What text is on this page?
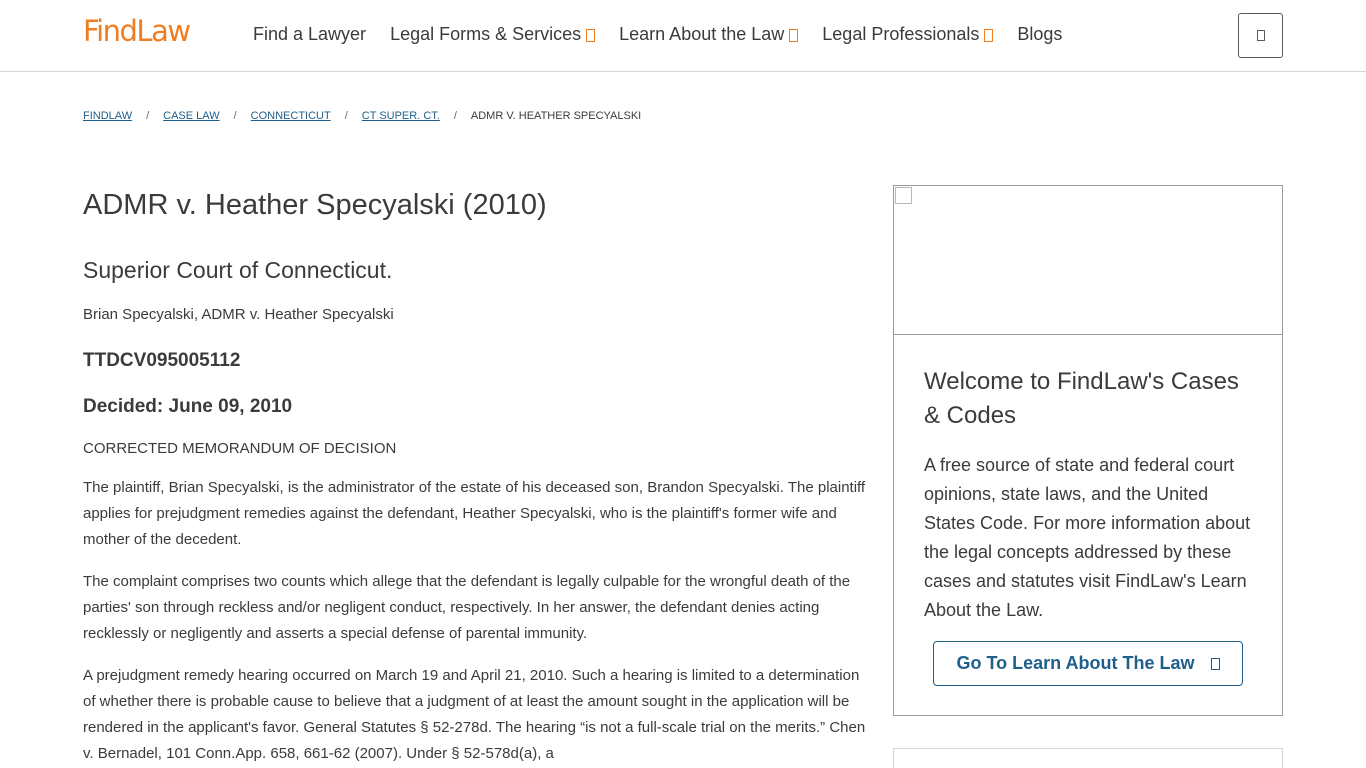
FindLaw	Find a Lawyer Legal Forms & Services Learn About the Law Legal Professionals Blogs
FINDLAW / CASE LAW / CONNECTICUT / CT SUPER. CT. / ADMR V. HEATHER SPECYALSKI
ADMR v. Heather Specyalski (2010)
Superior Court of Connecticut.

Brian Specyalski, ADMR v. Heather Specyalski

TTDCV095005112
Decided: June 09, 2010

CORRECTED MEMORANDUM OF DECISION

The plaintiff, Brian Specyalski, is the administrator of the estate of his deceased son, Brandon Specyalski. The plaintiff applies for prejudgment remedies against the defendant, Heather Specyalski, who is the plaintiff's former wife and mother of the decedent.

The complaint comprises two counts which allege that the defendant is legally culpable for the wrongful death of the parties' son through reckless and/or negligent conduct, respectively. In her answer, the defendant denies acting recklessly or negligently and asserts a special defense of parental immunity.

A prejudgment remedy hearing occurred on March 19 and April 21, 2010. Such a hearing is limited to a determination of whether there is probable cause to believe that a judgment of at least the amount sought in the application will be rendered in the applicant's favor. General Statutes § 52-278d. The hearing “is not a full-scale trial on the merits.” Chen v. Bernadel, 101 Conn.App. 658, 661-62 (2007). Under § 52-578d(a), a

Welcome to FindLaw's Cases & Codes

A free source of state and federal court opinions, state laws, and the United States Code. For more information about the legal concepts addressed by these cases and statutes visit FindLaw's Learn About the Law.

Go To Learn About The Law
